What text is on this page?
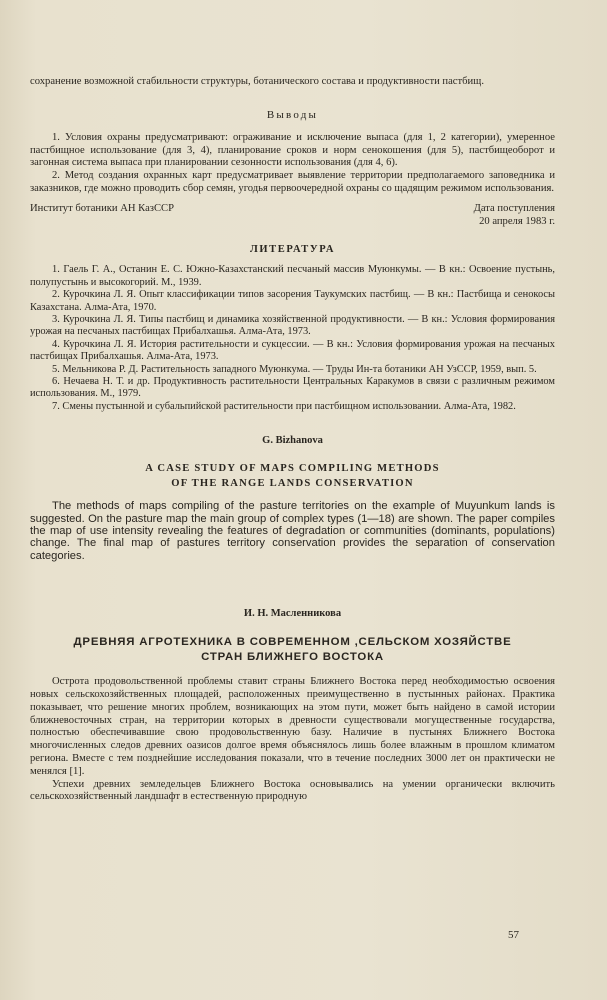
сохранение возможной стабильности структуры, ботанического состава и продуктивности пастбищ.

Выводы

1. Условия охраны предусматривают: ограживание и исключение выпаса (для 1, 2 категории), умеренное пастбищное использование (для 3, 4), планирование сроков и норм сенокошения (для 5), пастбищеоборот и загонная система выпаса при планировании сезонности использования (для 4, 6).

2. Метод создания охранных карт предусматривает выявление территории предполагаемого заповедника и заказников, где можно проводить сбор семян, угодья первоочередной охраны со щадящим режимом использования.

Институт ботаники АН КазССР	Дата поступления
20 апреля 1983 г.

ЛИТЕРАТУРА

1. Гаель Г. А., Останин Е. С. Южно-Казахстанский песчаный массив Муюнкумы. — В кн.: Освоение пустынь, полупустынь и высокогорий. М., 1939.

2. Курочкина Л. Я. Опыт классификации типов засорения Таукумских пастбищ. — В кн.: Пастбища и сенокосы Казахстана. Алма-Ата, 1970.

3. Курочкина Л. Я. Типы пастбищ и динамика хозяйственной продуктивности. — В кн.: Условия формирования урожая на песчаных пастбищах Прибалхашья. Алма-Ата, 1973.

4. Курочкина Л. Я. История растительности и сукцессии. — В кн.: Условия формирования урожая на песчаных пастбищах Прибалхашья. Алма-Ата, 1973.

5. Мельникова Р. Д. Растительность западного Муюнкума. — Труды Ин-та ботаники АН УзССР, 1959, вып. 5.

6. Нечаева Н. Т. и др. Продуктивность растительности Центральных Каракумов в связи с различным режимом использования. М., 1979.

7. Смены пустынной и субальпийской растительности при пастбищном использовании. Алма-Ата, 1982.

G. Bizhanova

A CASE STUDY OF MAPS COMPILING METHODS
OF THE RANGE LANDS CONSERVATION

The methods of maps compiling of the pasture territories on the example of Muyunkum lands is suggested. On the pasture map the main group of complex types (1—18) are shown. The paper compiles the map of use intensity revealing the features of degradation or communities (dominants, populations) change. The final map of pastures territory conservation provides the separation of conservation categories.

И. Н. Масленникова

ДРЕВНЯЯ АГРОТЕХНИКА В СОВРЕМЕННОМ ,СЕЛЬСКОМ ХОЗЯЙСТВЕ
СТРАН БЛИЖНЕГО ВОСТОКА

Острота продовольственной проблемы ставит страны Ближнего Востока перед необходимостью освоения новых сельскохозяйственных площадей, расположенных преимущественно в пустынных районах. Практика показывает, что решение многих проблем, возникающих на этом пути, может быть найдено в самой истории ближневосточных стран, на территории которых в древности существовали могущественные государства, полностью обеспечивавшие свою продовольственную базу. Наличие в пустынях Ближнего Востока многочисленных следов древних оазисов долгое время объяснялось лишь более влажным в прошлом климатом региона. Вместе с тем позднейшие исследования показали, что в течение последних 3000 лет он практически не менялся [1].

Успехи древних земледельцев Ближнего Востока основывались на умении органически включить сельскохозяйственный ландшафт в естественную природную

57
